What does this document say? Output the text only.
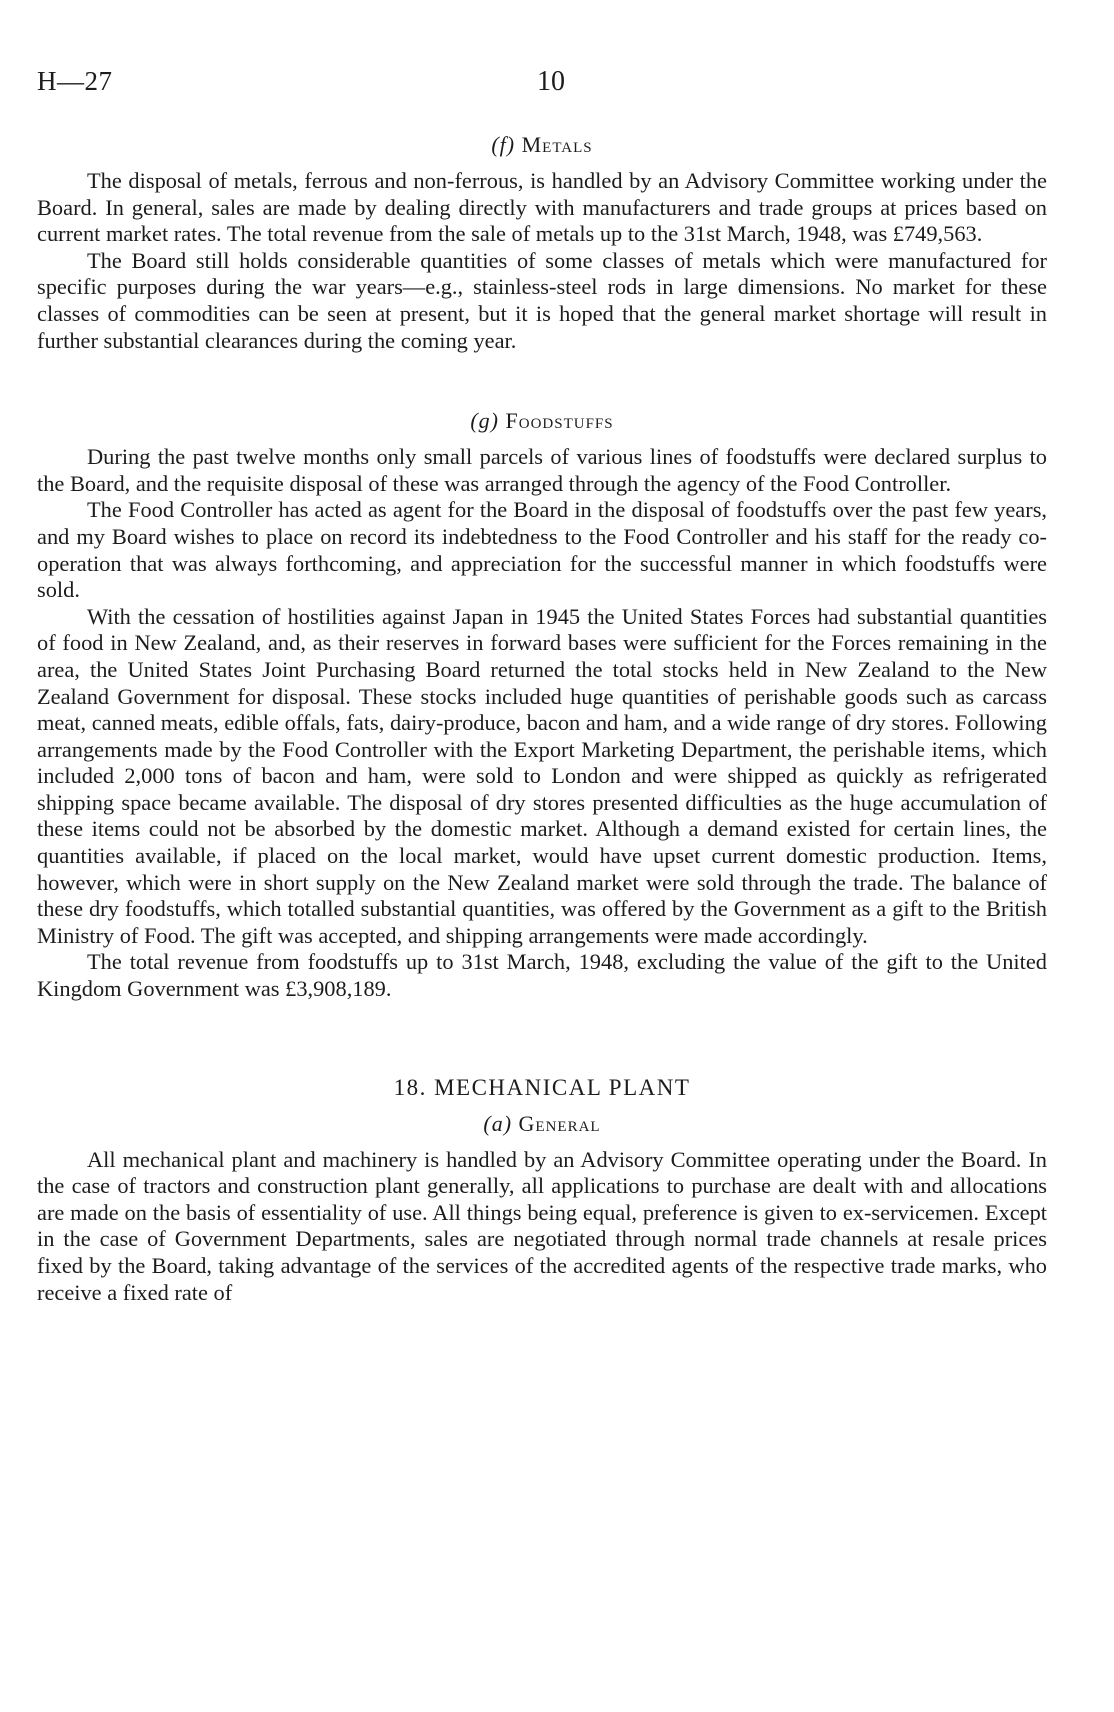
H—27	10
(f) Metals

The disposal of metals, ferrous and non-ferrous, is handled by an Advisory Committee working under the Board. In general, sales are made by dealing directly with manufacturers and trade groups at prices based on current market rates. The total revenue from the sale of metals up to the 31st March, 1948, was £749,563.

The Board still holds considerable quantities of some classes of metals which were manufactured for specific purposes during the war years—e.g., stainless-steel rods in large dimensions. No market for these classes of commodities can be seen at present, but it is hoped that the general market shortage will result in further substantial clearances during the coming year.

(g) Foodstuffs

During the past twelve months only small parcels of various lines of foodstuffs were declared surplus to the Board, and the requisite disposal of these was arranged through the agency of the Food Controller.

The Food Controller has acted as agent for the Board in the disposal of foodstuffs over the past few years, and my Board wishes to place on record its indebtedness to the Food Controller and his staff for the ready co-operation that was always forthcoming, and appreciation for the successful manner in which foodstuffs were sold.

With the cessation of hostilities against Japan in 1945 the United States Forces had substantial quantities of food in New Zealand, and, as their reserves in forward bases were sufficient for the Forces remaining in the area, the United States Joint Purchasing Board returned the total stocks held in New Zealand to the New Zealand Government for disposal. These stocks included huge quantities of perishable goods such as carcass meat, canned meats, edible offals, fats, dairy-produce, bacon and ham, and a wide range of dry stores. Following arrangements made by the Food Controller with the Export Marketing Department, the perishable items, which included 2,000 tons of bacon and ham, were sold to London and were shipped as quickly as refrigerated shipping space became available. The disposal of dry stores presented difficulties as the huge accumulation of these items could not be absorbed by the domestic market. Although a demand existed for certain lines, the quantities available, if placed on the local market, would have upset current domestic production. Items, however, which were in short supply on the New Zealand market were sold through the trade. The balance of these dry foodstuffs, which totalled substantial quantities, was offered by the Government as a gift to the British Ministry of Food. The gift was accepted, and shipping arrangements were made accordingly.

The total revenue from foodstuffs up to 31st March, 1948, excluding the value of the gift to the United Kingdom Government was £3,908,189.

18. MECHANICAL PLANT
(a) General

All mechanical plant and machinery is handled by an Advisory Committee operating under the Board. In the case of tractors and construction plant generally, all applications to purchase are dealt with and allocations are made on the basis of essentiality of use. All things being equal, preference is given to ex-servicemen. Except in the case of Government Departments, sales are negotiated through normal trade channels at resale prices fixed by the Board, taking advantage of the services of the accredited agents of the respective trade marks, who receive a fixed rate of
